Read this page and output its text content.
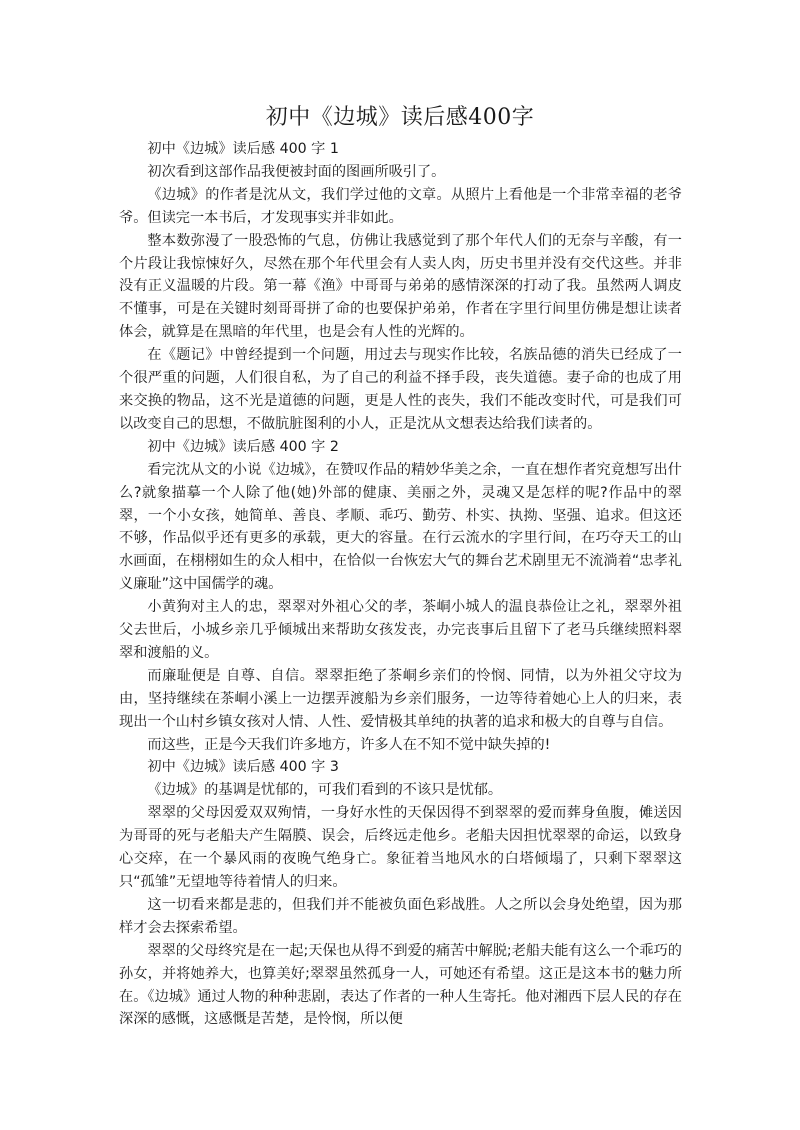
初中《边城》读后感400字

初中《边城》读后感 400 字 1

初次看到这部作品我便被封面的图画所吸引了。

《边城》的作者是沈从文，我们学过他的文章。从照片上看他是一个非常幸福的老爷爷。但读完一本书后，才发现事实并非如此。

整本数弥漫了一股恐怖的气息，仿佛让我感觉到了那个年代人们的无奈与辛酸，有一个片段让我惊悚好久，尽然在那个年代里会有人卖人肉，历史书里并没有交代这些。并非没有正义温暖的片段。第一幕《渔》中哥哥与弟弟的感情深深的打动了我。虽然两人调皮不懂事，可是在关键时刻哥哥拼了命的也要保护弟弟，作者在字里行间里仿佛是想让读者体会，就算是在黑暗的年代里，也是会有人性的光辉的。

在《题记》中曾经提到一个问题，用过去与现实作比较，名族品德的消失已经成了一个很严重的问题，人们很自私，为了自己的利益不择手段，丧失道德。妻子命的也成了用来交换的物品，这不光是道德的问题，更是人性的丧失，我们不能改变时代，可是我们可以改变自己的思想，不做肮脏图利的小人，正是沈从文想表达给我们读者的。

初中《边城》读后感 400 字 2

看完沈从文的小说《边城》，在赞叹作品的精妙华美之余，一直在想作者究竟想写出什么?就象描摹一个人除了他(她)外部的健康、美丽之外，灵魂又是怎样的呢?作品中的翠翠，一个小女孩，她简单、善良、孝顺、乖巧、勤劳、朴实、执拗、坚强、追求。但这还不够，作品似乎还有更多的承载，更大的容量。在行云流水的字里行间，在巧夺天工的山水画面，在栩栩如生的众人相中，在恰似一台恢宏大气的舞台艺术剧里无不流淌着“忠孝礼义廉耻”这中国儒学的魂。

小黄狗对主人的忠，翠翠对外祖心父的孝，茶峒小城人的温良恭俭让之礼，翠翠外祖父去世后，小城乡亲几乎倾城出来帮助女孩发丧，办完丧事后且留下了老马兵继续照料翠翠和渡船的义。

而廉耻便是 自尊、自信。翠翠拒绝了茶峒乡亲们的怜悯、同情，以为外祖父守坟为由，坚持继续在茶峒小溪上一边摆弄渡船为乡亲们服务，一边等待着她心上人的归来，表现出一个山村乡镇女孩对人情、人性、爱情极其单纯的执著的追求和极大的自尊与自信。

而这些，正是今天我们许多地方，许多人在不知不觉中缺失掉的!

初中《边城》读后感 400 字 3

《边城》的基调是忧郁的，可我们看到的不该只是忧郁。

翠翠的父母因爱双双殉情，一身好水性的天保因得不到翠翠的爱而葬身鱼腹，傩送因为哥哥的死与老船夫产生隔膜、误会，后终远走他乡。老船夫因担忧翠翠的命运，以致身心交瘁，在一个暴风雨的夜晚气绝身亡。象征着当地风水的白塔倾塌了，只剩下翠翠这只“孤雏”无望地等待着情人的归来。

这一切看来都是悲的，但我们并不能被负面色彩战胜。人之所以会身处绝望，因为那样才会去探索希望。

翠翠的父母终究是在一起;天保也从得不到爱的痛苦中解脱;老船夫能有这么一个乖巧的孙女，并将她养大，也算美好;翠翠虽然孤身一人，可她还有希望。这正是这本书的魅力所在。《边城》通过人物的种种悲剧，表达了作者的一种人生寄托。他对湘西下层人民的存在深深的感慨，这感慨是苦楚，是怜悯，所以便
